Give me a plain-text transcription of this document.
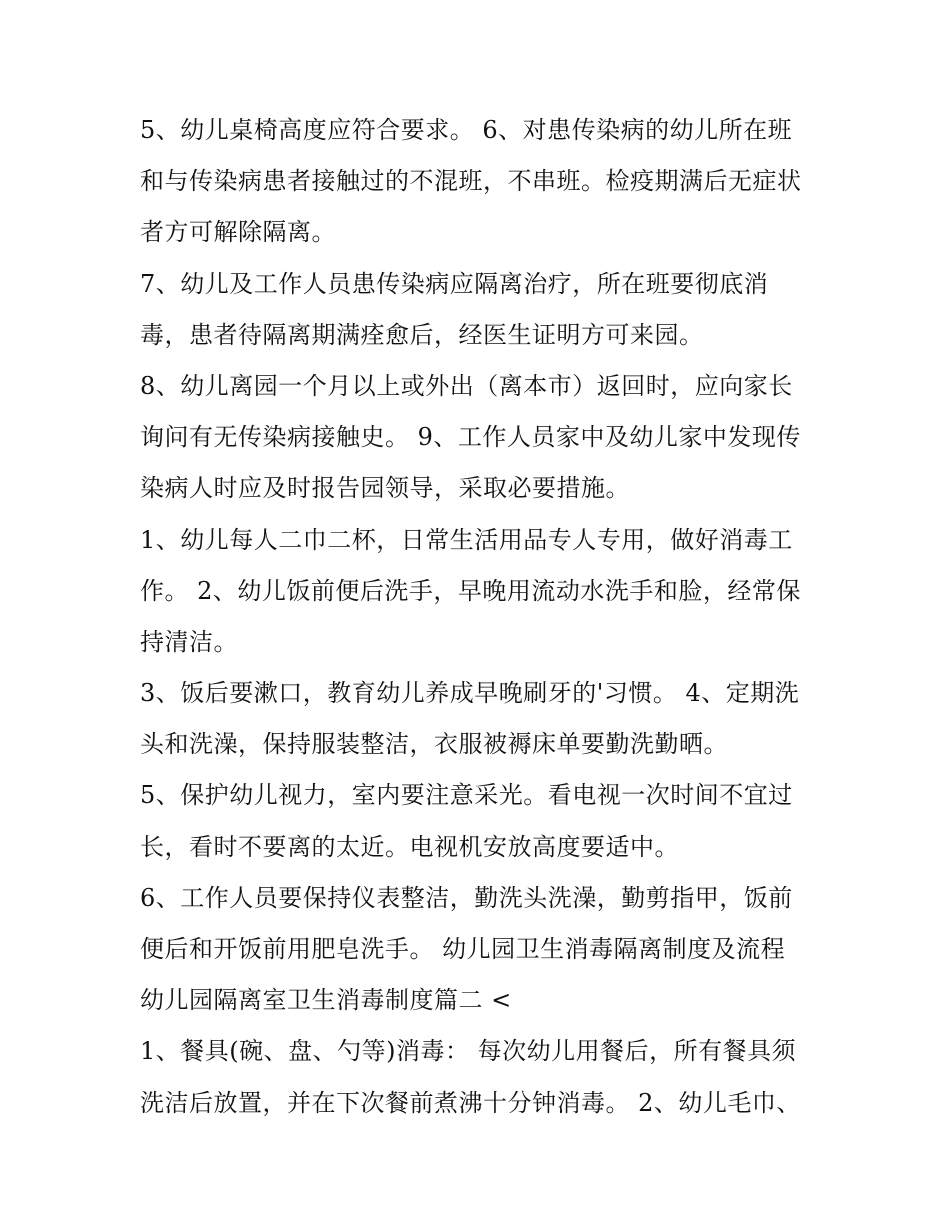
5、幼儿桌椅高度应符合要求。 6、对患传染病的幼儿所在班
和与传染病患者接触过的不混班，不串班。检疫期满后无症状
者方可解除隔离。
7、幼儿及工作人员患传染病应隔离治疗，所在班要彻底消
毒，患者待隔离期满痊愈后，经医生证明方可来园。
8、幼儿离园一个月以上或外出（离本市）返回时，应向家长
询问有无传染病接触史。 9、工作人员家中及幼儿家中发现传
染病人时应及时报告园领导，采取必要措施。
1、幼儿每人二巾二杯，日常生活用品专人专用，做好消毒工
作。 2、幼儿饭前便后洗手，早晚用流动水洗手和脸，经常保
持清洁。
3、饭后要漱口，教育幼儿养成早晚刷牙的'习惯。 4、定期洗
头和洗澡，保持服装整洁，衣服被褥床单要勤洗勤晒。
5、保护幼儿视力，室内要注意采光。看电视一次时间不宜过
长，看时不要离的太近。电视机安放高度要适中。
6、工作人员要保持仪表整洁，勤洗头洗澡，勤剪指甲，饭前
便后和开饭前用肥皂洗手。 幼儿园卫生消毒隔离制度及流程
幼儿园隔离室卫生消毒制度篇二 <
1、餐具(碗、盘、勺等)消毒： 每次幼儿用餐后，所有餐具须
洗洁后放置，并在下次餐前煮沸十分钟消毒。 2、幼儿毛巾、
